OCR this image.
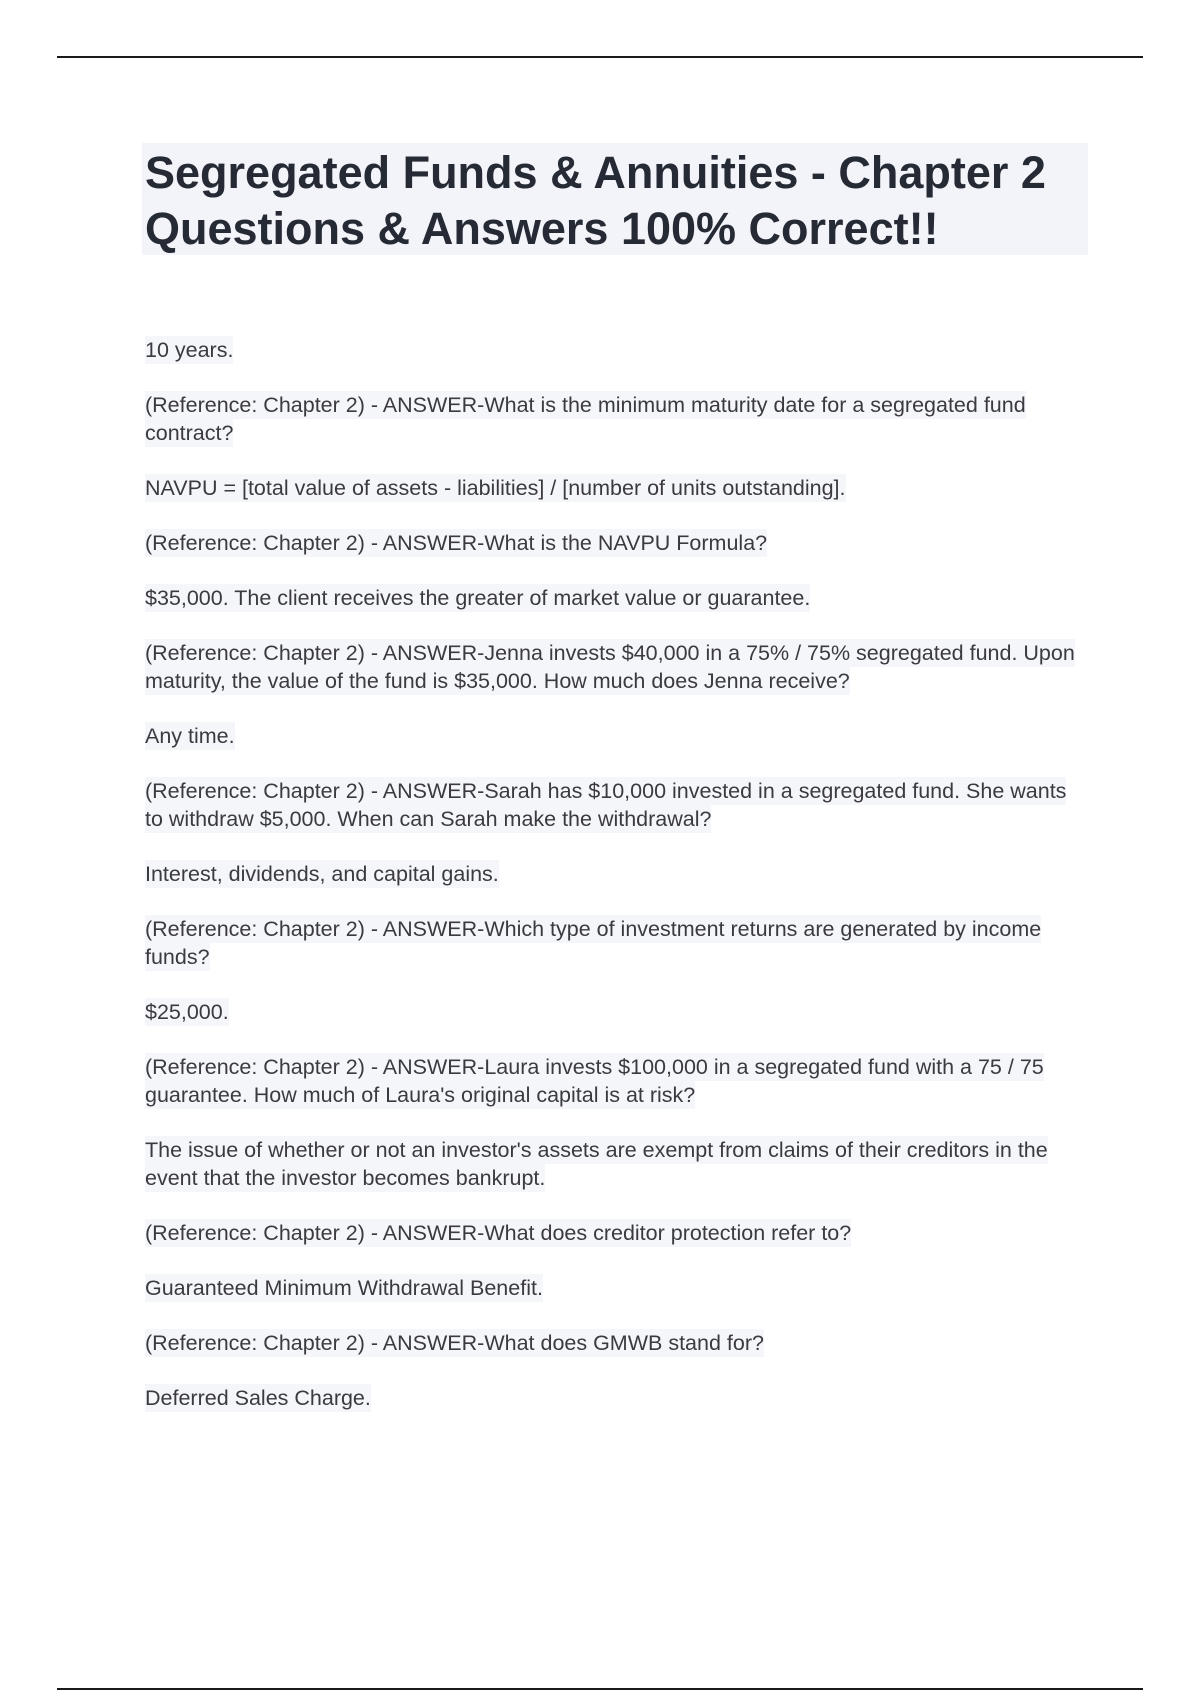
Segregated Funds & Annuities - Chapter 2 Questions & Answers 100% Correct!!

10 years.

(Reference: Chapter 2) - ANSWER-What is the minimum maturity date for a segregated fund contract?

NAVPU = [total value of assets - liabilities] / [number of units outstanding].

(Reference: Chapter 2) - ANSWER-What is the NAVPU Formula?

$35,000. The client receives the greater of market value or guarantee.

(Reference: Chapter 2) - ANSWER-Jenna invests $40,000 in a 75% / 75% segregated fund. Upon maturity, the value of the fund is $35,000. How much does Jenna receive?

Any time.

(Reference: Chapter 2) - ANSWER-Sarah has $10,000 invested in a segregated fund. She wants to withdraw $5,000. When can Sarah make the withdrawal?

Interest, dividends, and capital gains.

(Reference: Chapter 2) - ANSWER-Which type of investment returns are generated by income funds?

$25,000.

(Reference: Chapter 2) - ANSWER-Laura invests $100,000 in a segregated fund with a 75 / 75 guarantee. How much of Laura's original capital is at risk?

The issue of whether or not an investor's assets are exempt from claims of their creditors in the event that the investor becomes bankrupt.

(Reference: Chapter 2) - ANSWER-What does creditor protection refer to?

Guaranteed Minimum Withdrawal Benefit.

(Reference: Chapter 2) - ANSWER-What does GMWB stand for?

Deferred Sales Charge.
